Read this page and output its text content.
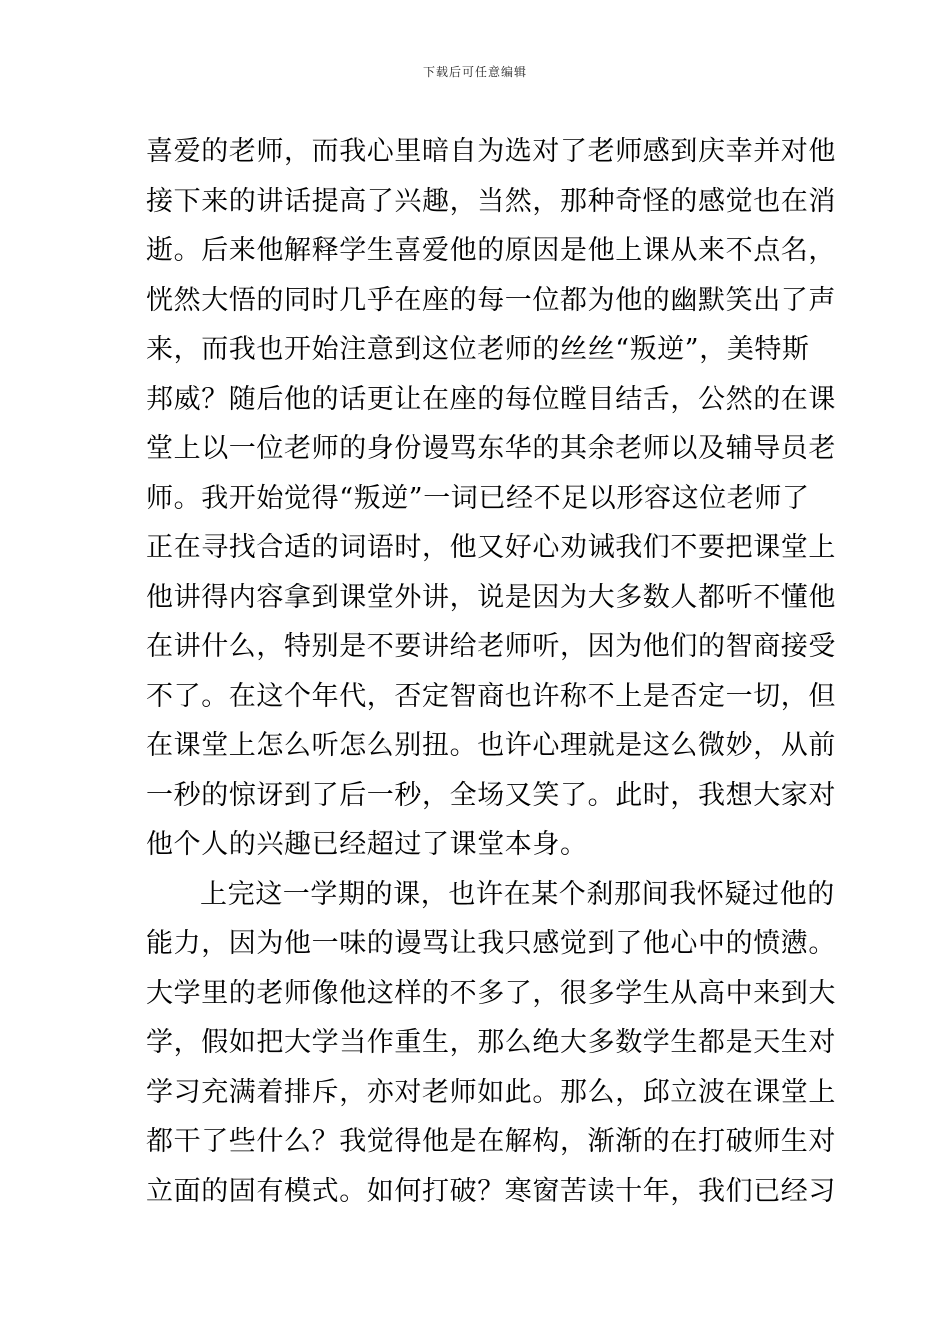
下载后可任意编辑
喜爱的老师，而我心里暗自为选对了老师感到庆幸并对他
接下来的讲话提高了兴趣，当然，那种奇怪的感觉也在消
逝。后来他解释学生喜爱他的原因是他上课从来不点名，
恍然大悟的同时几乎在座的每一位都为他的幽默笑出了声
来，而我也开始注意到这位老师的丝丝“叛逆”，美特斯
邦威？随后他的话更让在座的每位瞠目结舌，公然的在课
堂上以一位老师的身份谩骂东华的其余老师以及辅导员老
师。我开始觉得“叛逆”一词已经不足以形容这位老师了
正在寻找合适的词语时，他又好心劝诫我们不要把课堂上
他讲得内容拿到课堂外讲，说是因为大多数人都听不懂他
在讲什么，特别是不要讲给老师听，因为他们的智商接受
不了。在这个年代，否定智商也许称不上是否定一切，但
在课堂上怎么听怎么别扭。也许心理就是这么微妙，从前
一秒的惊讶到了后一秒，全场又笑了。此时，我想大家对
他个人的兴趣已经超过了课堂本身。
上完这一学期的课，也许在某个刹那间我怀疑过他的
能力，因为他一味的谩骂让我只感觉到了他心中的愤懑。
大学里的老师像他这样的不多了，很多学生从高中来到大
学，假如把大学当作重生，那么绝大多数学生都是天生对
学习充满着排斥，亦对老师如此。那么，邱立波在课堂上
都干了些什么？我觉得他是在解构，渐渐的在打破师生对
立面的固有模式。如何打破？寒窗苦读十年，我们已经习
